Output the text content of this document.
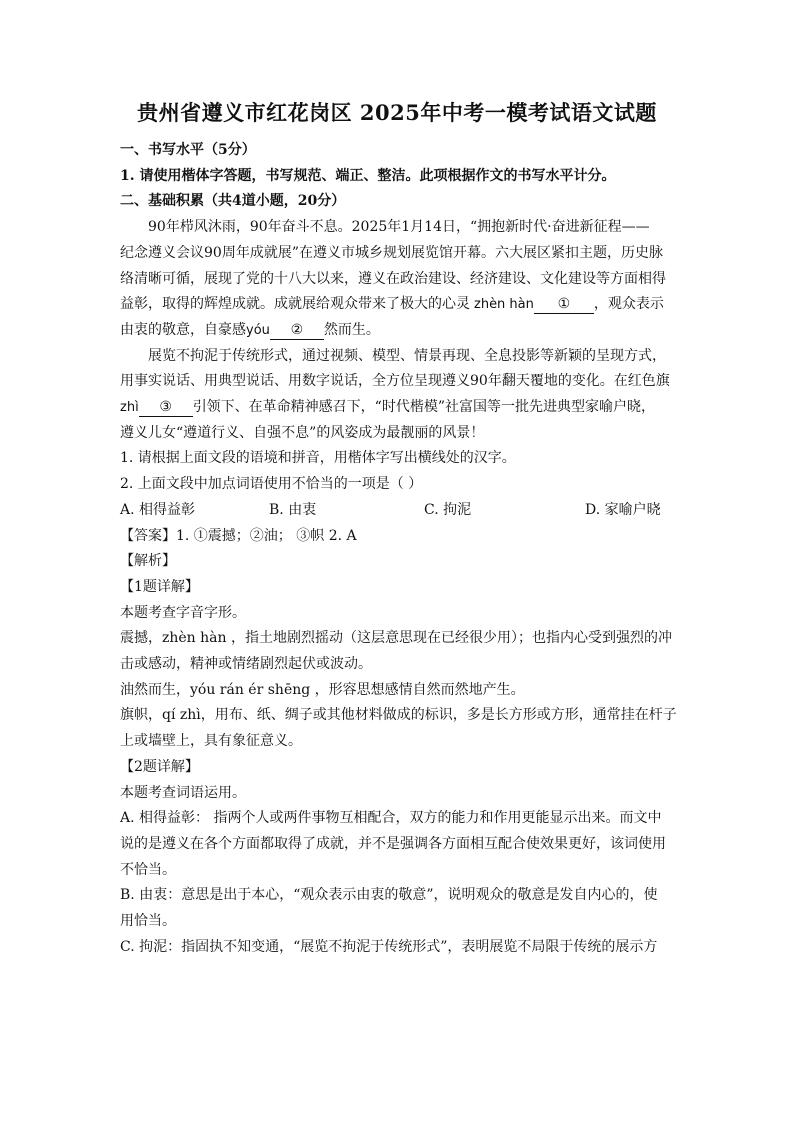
贵州省遵义市红花岗区 2025年中考一模考试语文试题

一、书写水平（5分）

1. 请使用楷体字答题，书写规范、端正、整洁。此项根据作文的书写水平计分。

二、基础积累（共4道小题，20分）

90年栉风沐雨，90年奋斗不息。2025年1月14日，“拥抱新时代·奋进新征程——

纪念遵义会议90周年成就展”在遵义市城乡规划展览馆开幕。六大展区紧扣主题，历史脉

络清晰可循，展现了党的十八大以来，遵义在政治建设、经济建设、文化建设等方面相得

益彰，取得的辉煌成就。成就展给观众带来了极大的心灵 zhèn hàn ① ，观众表示

由衷的敬意，自豪感yóu ② 然而生。

展览不拘泥于传统形式，通过视频、模型、情景再现、全息投影等新颖的呈现方式，

用事实说话、用典型说话、用数字说话，全方位呈现遵义90年翻天覆地的变化。在红色旗

zhì ③ 引领下、在革命精神感召下，“时代楷模”社富国等一批先进典型家喻户晓，

遵义儿女“遵道行义、自强不息”的风姿成为最靓丽的风景！

1. 请根据上面文段的语境和拼音，用楷体字写出横线处的汉字。

2. 上面文段中加点词语使用不恰当的一项是（ ）

A. 相得益彰	B. 由衷	C. 拘泥	D. 家喻户晓

【答案】1. ①震撼；②油； ③帜 2. A

【解析】

【1题详解】

本题考查字音字形。

震撼，zhèn hàn ，指土地剧烈摇动（这层意思现在已经很少用）；也指内心受到强烈的冲

击或感动，精神或情绪剧烈起伏或波动。

油然而生，yóu rán ér shēng ，形容思想感情自然而然地产生。

旗帜，qí zhì，用布、纸、绸子或其他材料做成的标识，多是长方形或方形，通常挂在杆子

上或墙壁上，具有象征意义。

【2题详解】

本题考查词语运用。

A. 相得益彰： 指两个人或两件事物互相配合，双方的能力和作用更能显示出来。而文中

说的是遵义在各个方面都取得了成就，并不是强调各方面相互配合使效果更好，该词使用

不恰当。

B. 由衷：意思是出于本心，“观众表示由衷的敬意”，说明观众的敬意是发自内心的，使

用恰当。

C. 拘泥：指固执不知变通，“展览不拘泥于传统形式”，表明展览不局限于传统的展示方
